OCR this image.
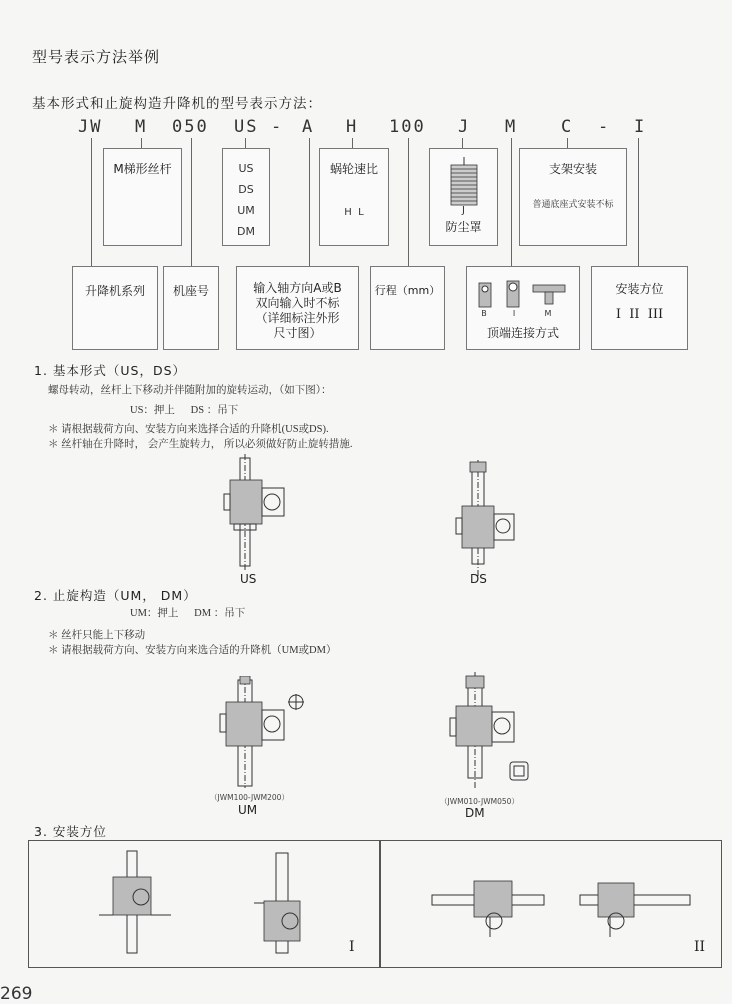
型号表示方法举例
基本形式和止旋构造升降机的型号表示方法：
JW M 050 US - A H 100 J M	C - I
M梯形丝杆	US
DS
UM
DM
蜗轮速比
H  L	J
防尘罩
支架安装
普通底座式安装不标
升降机系列	机座号	输入轴方向A或B
双向输入时不标
（详细标注外形
尺寸图）
行程（mm）
B	I	M
顶端连接方式
安装方位
I  II  III
1. 基本形式（US，DS）
螺母转动，丝杆上下移动并伴随附加的旋转运动，（如下图）：
US：押上      DS ：吊下
＊ 请根据载荷方向、安装方向来选择合适的升降机(US或DS).
＊ 丝杆轴在升降时， 会产生旋转力， 所以必须做好防止旋转措施.
US	DS
2. 止旋构造（UM， DM）
UM：押上      DM ：吊下
＊ 丝杆只能上下移动
＊ 请根据载荷方向、安装方向来选合适的升降机（UM或DM）
（JWM100-JWM200）	（JWM010-JWM050）
UM	DM
3. 安装方位
I	II
269
